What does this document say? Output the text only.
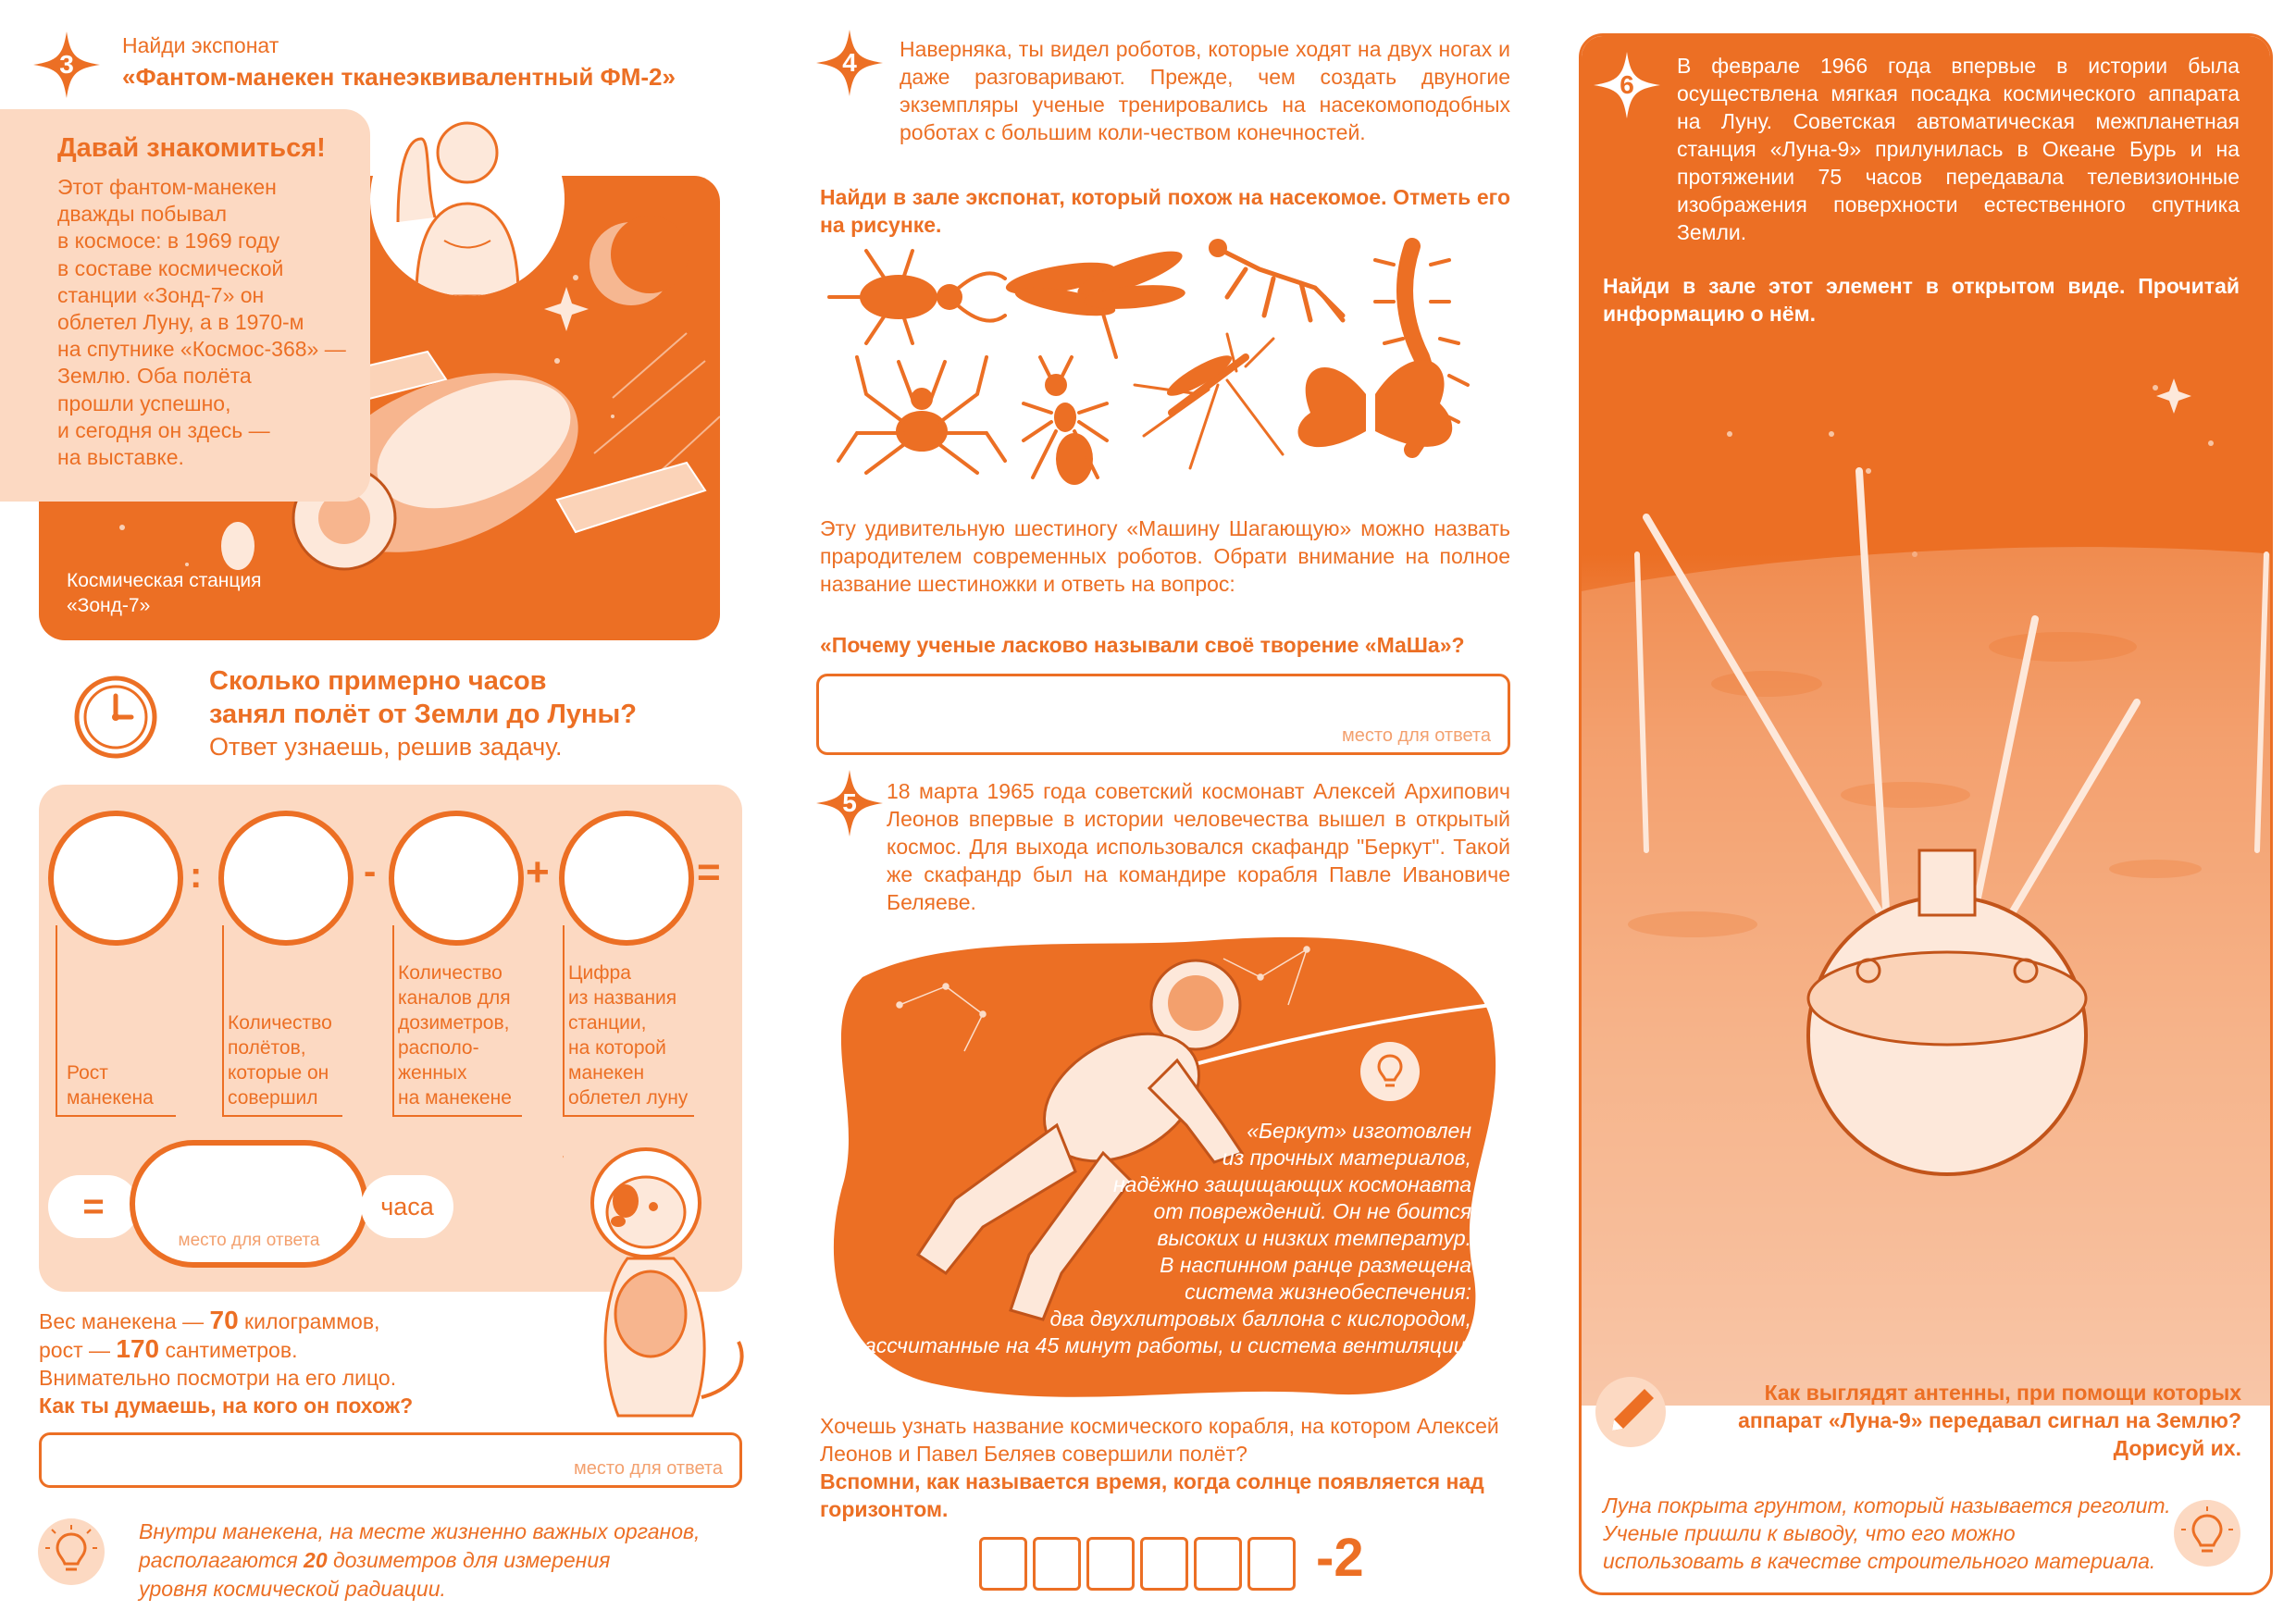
3
Найди экспонат
«Фантом-манекен тканеэквивалентный ФМ-2»
Давай знакомиться!
Этот фантом-манекен
дважды побывал
в космосе: в 1969 году
в составе космической
станции «Зонд-7» он
облетел Луну, а в 1970-м
на спутнике «Космос-368» —
Землю. Оба полёта
прошли успешно,
и сегодня он здесь —
на выставке.
Космическая станция
«Зонд-7»
Сколько примерно часов
занял полёт от Земли до Луны?
Ответ узнаешь, решив задачу.
:	-	+	=
Рост
манекена
Количество
полётов,
которые он
совершил
Количество
каналов для
дозиметров,
располо-
женных
на манекене
Цифра
из названия
станции,
на которой
манекен
облетел луну
=
место для ответа
часа
Вес манекена — 70 килограммов,
рост — 170 сантиметров.
Внимательно посмотри на его лицо.
Как ты думаешь, на кого он похож?
место для ответа
Внутри манекена, на месте жизненно важных органов,
располагаются 20 дозиметров для измерения
уровня космической радиации.
4	Наверняка, ты видел роботов, которые ходят на двух ногах и даже разговаривают. Прежде, чем создать двуногие экземпляры ученые тренировались на насекомоподобных роботах с большим коли-чеством конечностей.
Найди в зале экспонат, который похож на насекомое. Отметь его на рисунке.
Эту удивительную шестиногу «Машину Шагающую» можно назвать прародителем современных роботов. Обрати внимание на полное название шестиножки и ответь на вопрос:
«Почему ученые ласково называли своё творение «МаШа»?
место для ответа
5	18 марта 1965 года советский космонавт Алексей Архипович Леонов впервые в истории человечества вышел в открытый космос. Для выхода использовался скафандр "Беркут". Такой же скафандр был на командире корабля Павле Ивановиче Беляеве.
«Беркут» изготовлен
из прочных материалов,
надёжно защищающих космонавта
от повреждений. Он не боится
высоких и низких температур.
В наспинном ранце размещена
система жизнеобеспечения:
два двухлитровых баллона с кислородом,
рассчитанные на 45 минут работы, и система вентиляции.
Хочешь узнать название космического корабля, на котором Алексей Леонов и Павел Беляев совершили полёт?
Вспомни, как называется время, когда солнце появляется над горизонтом.
-2
6
В феврале 1966 года впервые в истории была осуществлена мягкая посадка космического аппарата на Луну. Советская автоматическая межпланетная станция «Луна-9» прилунилась в Океане Бурь и на протяжении 75 часов передавала телевизионные изображения поверхности естественного спутника Земли.
Найди в зале этот элемент в открытом виде. Прочитай информацию о нём.
Как выглядят антенны, при помощи которых
аппарат «Луна-9» передавал сигнал на Землю?
Дорисуй их.
Луна покрыта грунтом, который называется реголит.
Ученые пришли к выводу, что его можно
использовать в качестве строительного материала.
